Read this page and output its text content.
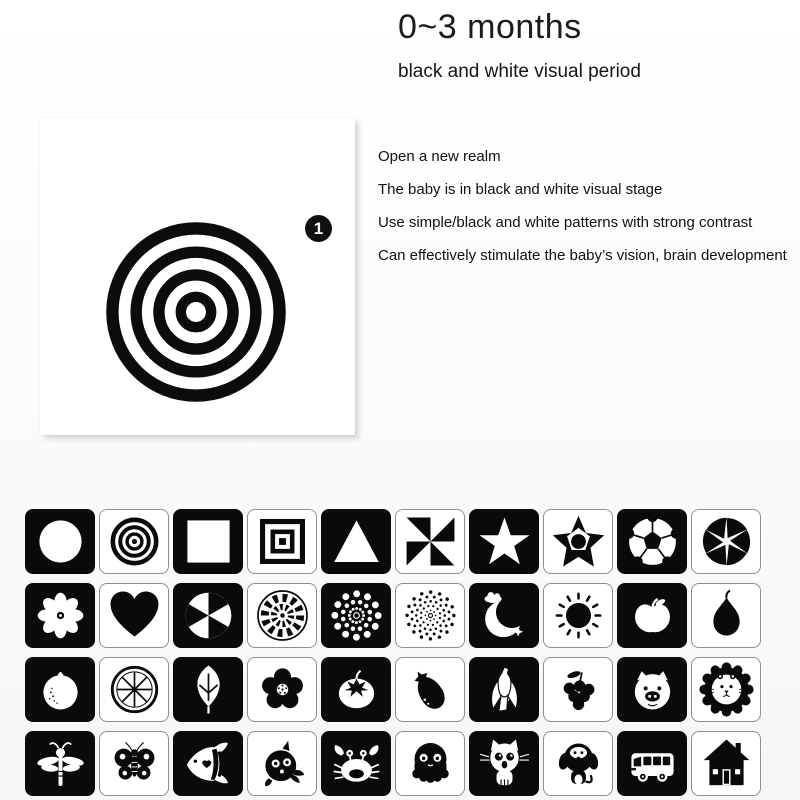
0~3 months
black and white visual period

Open a new realm

The baby is in black and white visual stage

Use simple/black and white patterns with strong contrast

Can effectively stimulate the baby’s vision, brain development

1
